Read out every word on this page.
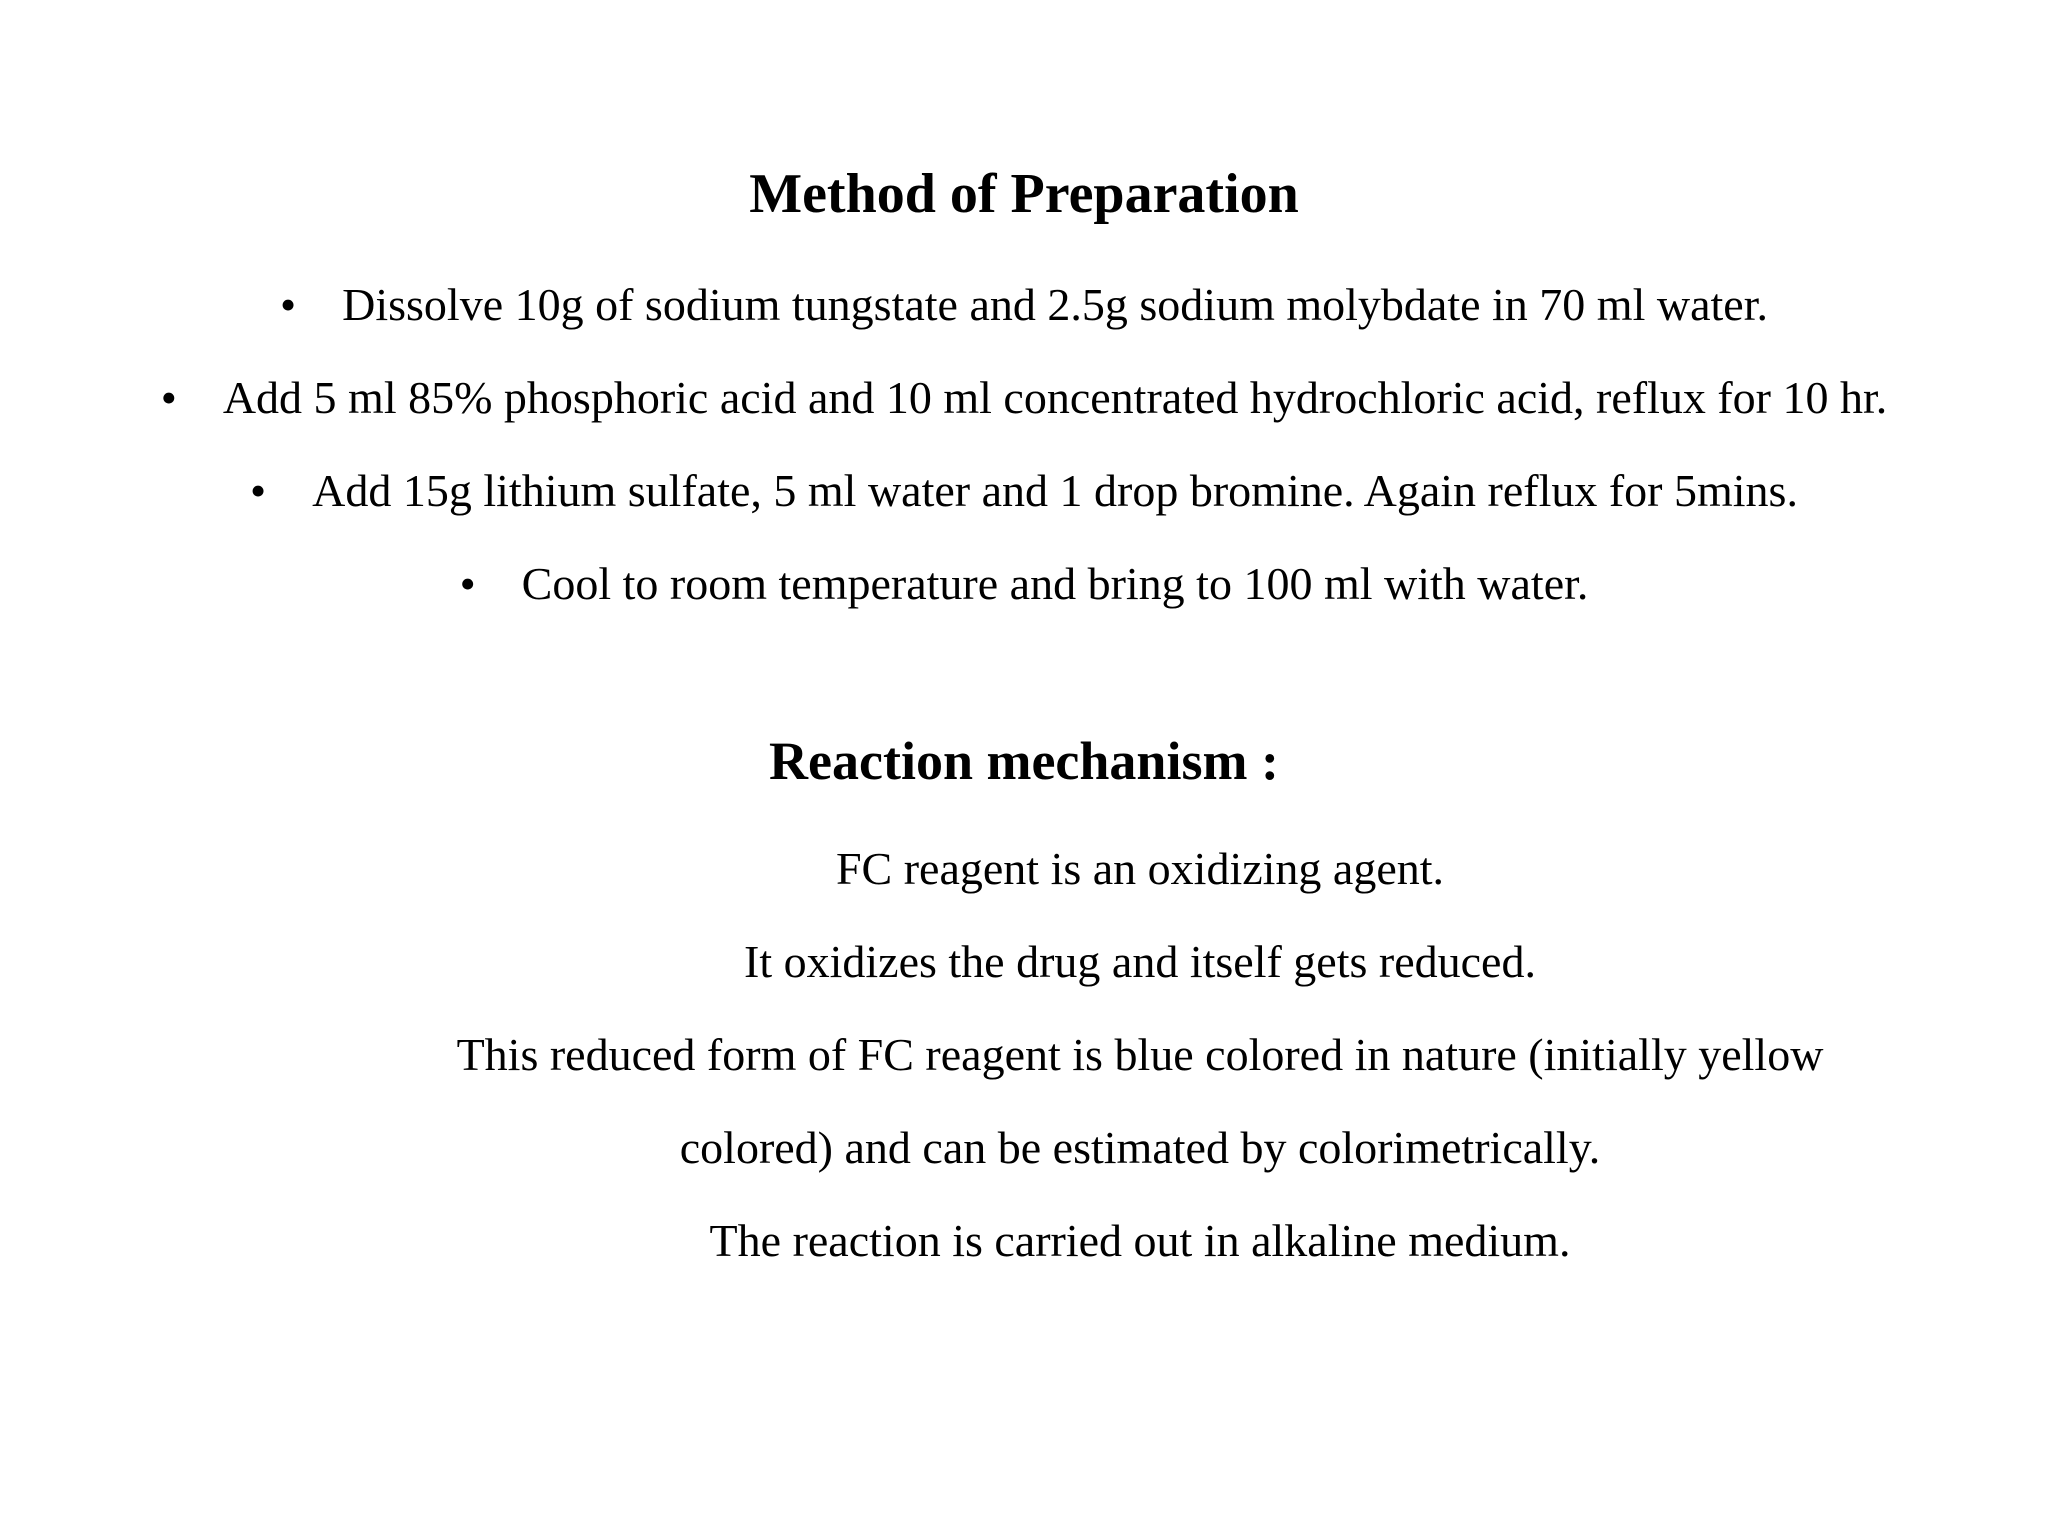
Method of Preparation
• Dissolve 10g of sodium tungstate and 2.5g sodium molybdate in 70 ml water.
• Add 5 ml 85% phosphoric acid and 10 ml concentrated hydrochloric acid, reflux for 10 hr.
• Add 15g lithium sulfate, 5 ml water and 1 drop bromine. Again reflux for 5mins.
• Cool to room temperature and bring to 100 ml with water.
Reaction mechanism :

FC reagent is an oxidizing agent.

It oxidizes the drug and itself gets reduced.

This reduced form of FC reagent is blue colored in nature (initially yellow colored) and can be estimated by colorimetrically.

The reaction is carried out in alkaline medium.
